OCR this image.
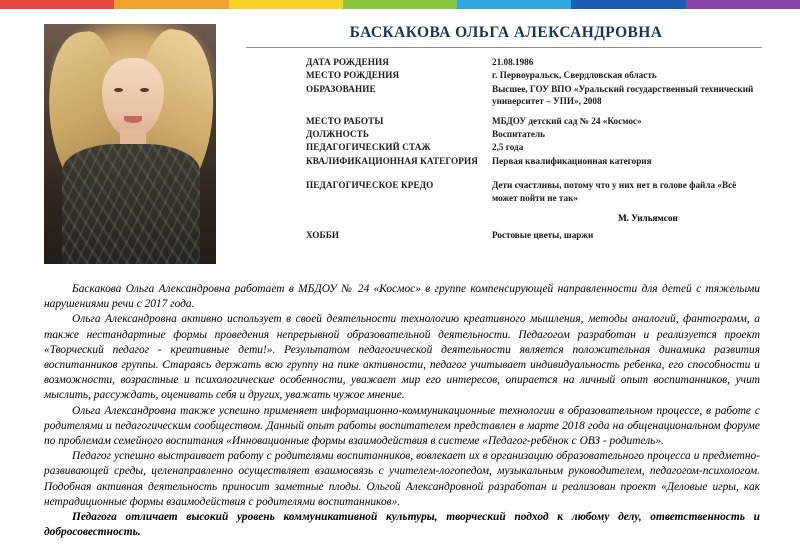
БАСКАКОВА ОЛЬГА АЛЕКСАНДРОВНА
ДАТА РОЖДЕНИЯ	21.08.1986
МЕСТО РОЖДЕНИЯ	г. Первоуральск, Свердловская область
ОБРАЗОВАНИЕ	Высшее, ГОУ ВПО «Уральский государственный технический университет – УПИ», 2008
МЕСТО РАБОТЫ	МБДОУ детский сад № 24 «Космос»
ДОЛЖНОСТЬ	Воспитатель
ПЕДАГОГИЧЕСКИЙ СТАЖ	2,5 года
КВАЛИФИКАЦИОННАЯ КАТЕГОРИЯ	Первая квалификационная категория
ПЕДАГОГИЧЕСКОЕ КРЕДО	Дети счастливы, потому что у них нет в голове файла «Всё может пойти не так»
М. Уильямсон
ХОББИ	Ростовые цветы, шаржи

Баскакова Ольга Александровна работает в МБДОУ № 24 «Космос» в группе компенсирующей направленности для детей с тяжелыми нарушениями речи с 2017 года.

Ольга Александровна активно использует в своей деятельности технологию креативного мышления, методы аналогий, фантограмм, а также нестандартные формы проведения непрерывной образовательной деятельности. Педагогом разработан и реализуется проект «Творческий педагог - креативные дети!». Результатом педагогической деятельности является положительная динамика развития воспитанников группы. Стараясь держать всю группу на пике активности, педагог учитывает индивидуальность ребенка, его способности и возможности, возрастные и психологические особенности, уважает мир его интересов, опирается на личный опыт воспитанников, учит мыслить, рассуждать, оценивать себя и других, уважать чужое мнение.

Ольга Александровна также успешно применяет информационно-коммуникационные технологии в образовательном процессе, в работе с родителями и педагогическим сообществом. Данный опыт работы воспитателем представлен в марте 2018 года на общенациональном форуме по проблемам семейного воспитания «Инновационные формы взаимодействия в системе «Педагог-ребёнок с ОВЗ - родитель».

Педагог успешно выстраивает работу с родителями воспитанников, вовлекает их в организацию образовательного процесса и предметно-развивающей среды, целенаправленно осуществляет взаимосвязь с учителем-логопедом, музыкальным руководителем, педагогом-психологом. Подобная активная деятельность приносит заметные плоды. Ольгой Александровной разработан и реализован проект «Деловые игры, как нетрадиционные формы взаимодействия с родителями воспитанников».

Педагога отличает высокий уровень коммуникативной культуры, творческий подход к любому делу, ответственность и добросовестность.
